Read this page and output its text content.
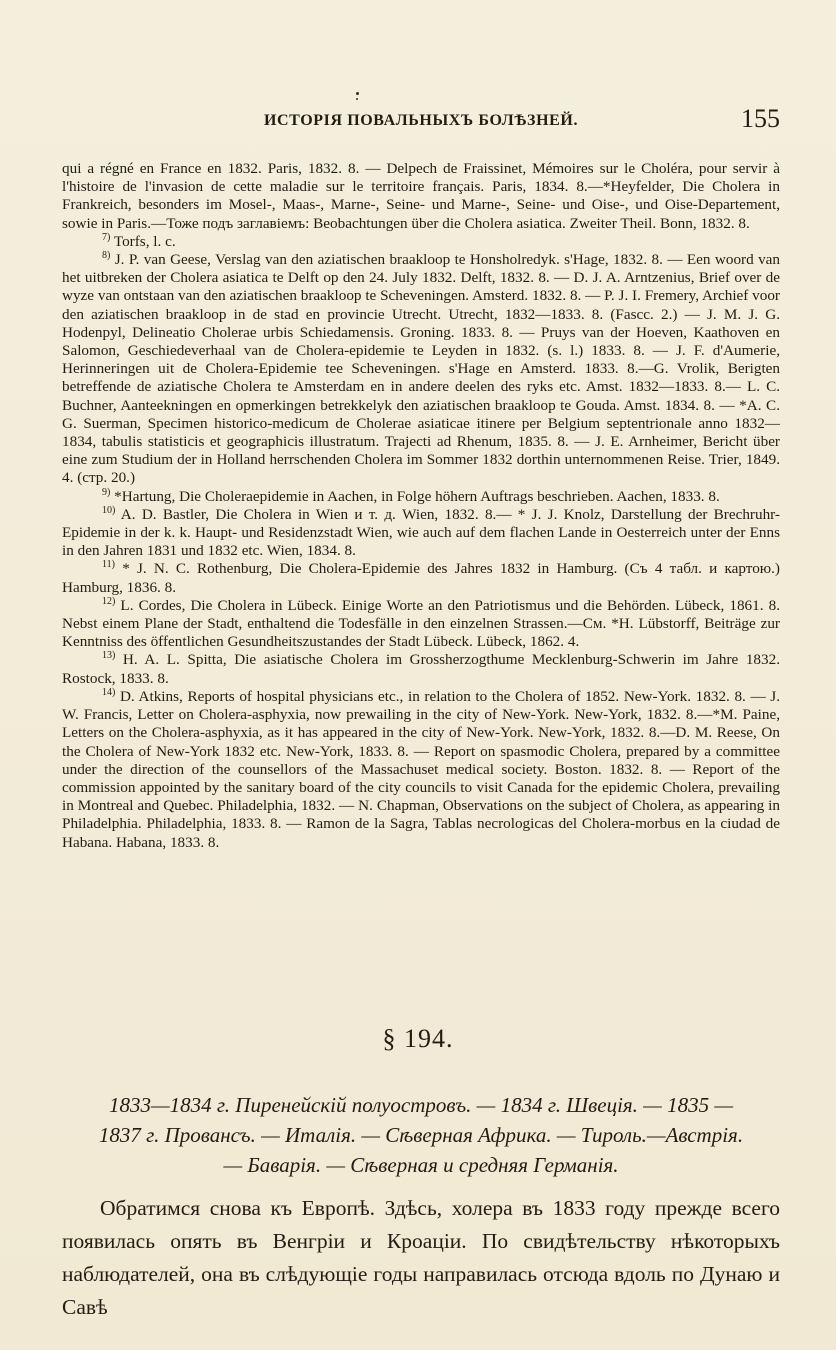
ИСТОРІЯ ПОВАЛЬНЫХЪ БОЛѢЗНЕЙ.	155

qui a régné en France en 1832. Paris, 1832. 8. — Delpech de Fraissinet, Mémoires sur le Choléra, pour servir à l'histoire de l'invasion de cette maladie sur le territoire français. Paris, 1834. 8.—*Heyfelder, Die Cholera in Frankreich, besonders im Mosel-, Maas-, Marne-, Seine- und Marne-, Seine- und Oise-, und Oise-Departement, sowie in Paris.—Тоже подъ заглавіемъ: Beobachtungen über die Cholera asiatica. Zweiter Theil. Bonn, 1832. 8.

$^{7)}$ Torfs, l. c.

$^{8)}$ J. P. van Geese, Verslag van den aziatischen braakloop te Honsholredyk. s'Hage, 1832. 8. — Een woord van het uitbreken der Cholera asiatica te Delft op den 24. July 1832. Delft, 1832. 8. — D. J. A. Arntzenius, Brief over de wyze van ontstaan van den aziatischen braakloop te Scheveningen. Amsterd. 1832. 8. — P. J. I. Fremery, Archief voor den aziatischen braakloop in de stad en provincie Utrecht. Utrecht, 1832—1833. 8. (Fascc. 2.) — J. M. J. G. Hodenpyl, Delineatio Cholerae urbis Schiedamensis. Groning. 1833. 8. — Pruys van der Hoeven, Kaathoven en Salomon, Geschiedeverhaal van de Cholera-epidemie te Leyden in 1832. (s. l.) 1833. 8. — J. F. d'Aumerie, Herinneringen uit de Cholera-Epidemie tee Scheveningen. s'Hage en Amsterd. 1833. 8.—G. Vrolik, Berigten betreffende de aziatische Cholera te Amsterdam en in andere deelen des ryks etc. Amst. 1832—1833. 8.— L. C. Buchner, Aanteekningen en opmerkingen betrekkelyk den aziatischen braakloop te Gouda. Amst. 1834. 8. — *A. C. G. Suerman, Specimen historico-medicum de Cholerae asiaticae itinere per Belgium septentrionale anno 1832—1834, tabulis statisticis et geographicis illustratum. Trajecti ad Rhenum, 1835. 8. — J. E. Arnheimer, Bericht über eine zum Studium der in Holland herrschenden Cholera im Sommer 1832 dorthin unternommenen Reise. Trier, 1849. 4. (стр. 20.)

$^{9)}$ *Hartung, Die Choleraepidemie in Aachen, in Folge höhern Auftrags beschrieben. Aachen, 1833. 8.

$^{10)}$ A. D. Bastler, Die Cholera in Wien и т. д. Wien, 1832. 8.— * J. J. Knolz, Darstellung der Brechruhr-Epidemie in der k. k. Haupt- und Residenzstadt Wien, wie auch auf dem flachen Lande in Oesterreich unter der Enns in den Jahren 1831 und 1832 etc. Wien, 1834. 8.

$^{11)}$ * J. N. C. Rothenburg, Die Cholera-Epidemie des Jahres 1832 in Hamburg. (Съ 4 табл. и картою.) Hamburg, 1836. 8.

$^{12)}$ L. Cordes, Die Cholera in Lübeck. Einige Worte an den Patriotismus und die Behörden. Lübeck, 1861. 8. Nebst einem Plane der Stadt, enthaltend die Todesfälle in den einzelnen Strassen.—См. *H. Lübstorff, Beiträge zur Kenntniss des öffentlichen Gesundheitszustandes der Stadt Lübeck. Lübeck, 1862. 4.

$^{13)}$ H. A. L. Spitta, Die asiatische Cholera im Grossherzogthume Mecklenburg-Schwerin im Jahre 1832. Rostock, 1833. 8.

$^{14)}$ D. Atkins, Reports of hospital physicians etc., in relation to the Cholera of 1852. New-York. 1832. 8. — J. W. Francis, Letter on Cholera-asphyxia, now prewailing in the city of New-York. New-York, 1832. 8.—*M. Paine, Letters on the Cholera-asphyxia, as it has appeared in the city of New-York. New-York, 1832. 8.—D. M. Reese, On the Cholera of New-York 1832 etc. New-York, 1833. 8. — Report on spasmodic Cholera, prepared by a committee under the direction of the counsellors of the Massachuset medical society. Boston. 1832. 8. — Report of the commission appointed by the sanitary board of the city councils to visit Canada for the epidemic Cholera, prevailing in Montreal and Quebec. Philadelphia, 1832. — N. Chapman, Observations on the subject of Cholera, as appearing in Philadelphia. Philadelphia, 1833. 8. — Ramon de la Sagra, Tablas necrologicas del Cholera-morbus en la ciudad de Habana. Habana, 1833. 8.

§ 194.
1833—1834 г. Пиренейскій полуостровъ. — 1834 г. Швеція. — 1835 —
1837 г. Провансъ. — Италія. — Сѣверная Африка. — Тироль.—Австрія.
— Баварія. — Сѣверная и средняя Германія.
Обратимся снова къ Европѣ. Здѣсь, холера въ 1833 году прежде всего появилась опять въ Венгріи и Кроаціи. По свидѣтельству нѣкоторыхъ наблюдателей, она въ слѣдующіе годы направилась отсюда вдоль по Дунаю и Савѣ
